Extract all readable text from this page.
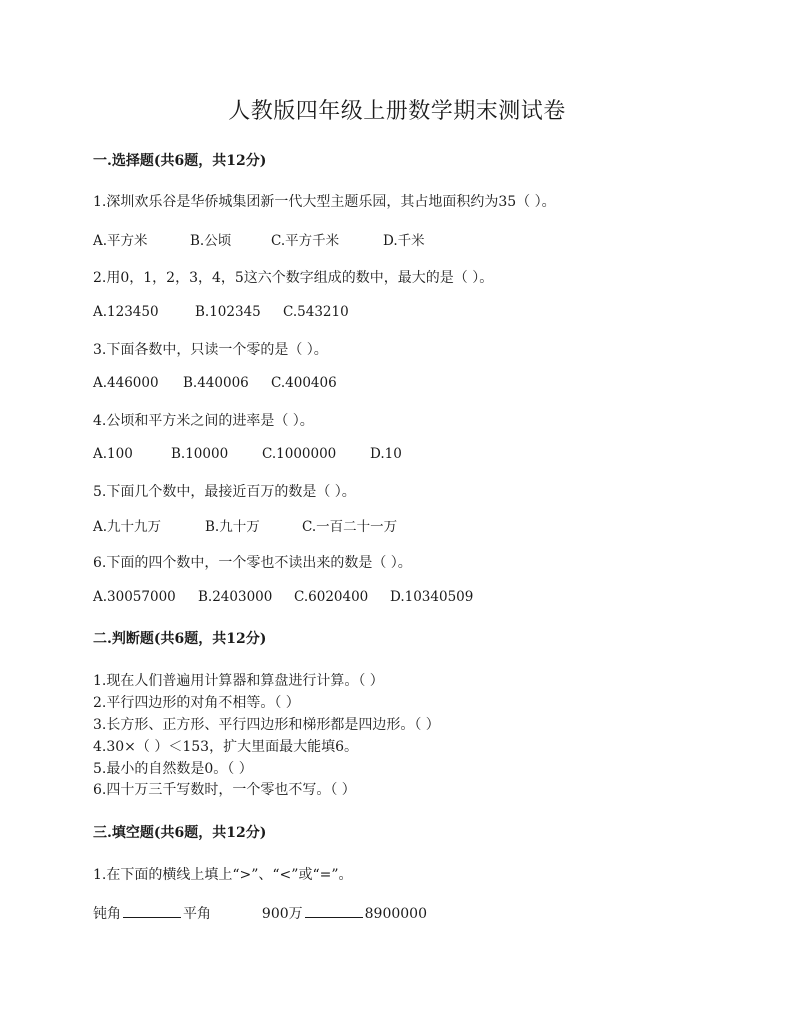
人教版四年级上册数学期末测试卷
一.选择题(共6题，共12分)
1.深圳欢乐谷是华侨城集团新一代大型主题乐园，其占地面积约为35（ ）。
A.平方米	B.公顷	C.平方千米	D.千米
2.用0，1，2，3，4，5这六个数字组成的数中，最大的是（ ）。
A.123450	B.102345	C.543210
3.下面各数中，只读一个零的是（ ）。
A.446000	B.440006	C.400406
4.公顷和平方米之间的进率是（ ）。
A.100	B.10000	C.1000000	D.10
5.下面几个数中，最接近百万的数是（ ）。
A.九十九万	B.九十万	C.一百二十一万
6.下面的四个数中，一个零也不读出来的数是（ ）。
A.30057000	B.2403000	C.6020400	D.10340509
二.判断题(共6题，共12分)
1.现在人们普遍用计算器和算盘进行计算。（ ）
2.平行四边形的对角不相等。（ ）
3.长方形、正方形、平行四边形和梯形都是四边形。（ ）
4.30×（ ）＜153，扩大里面最大能填6。
5.最小的自然数是0。（ ）
6.四十万三千写数时，一个零也不写。（ ）
三.填空题(共6题，共12分)
1.在下面的横线上填上“>”、“<”或“=”。
钝角	平角	900万	8900000
